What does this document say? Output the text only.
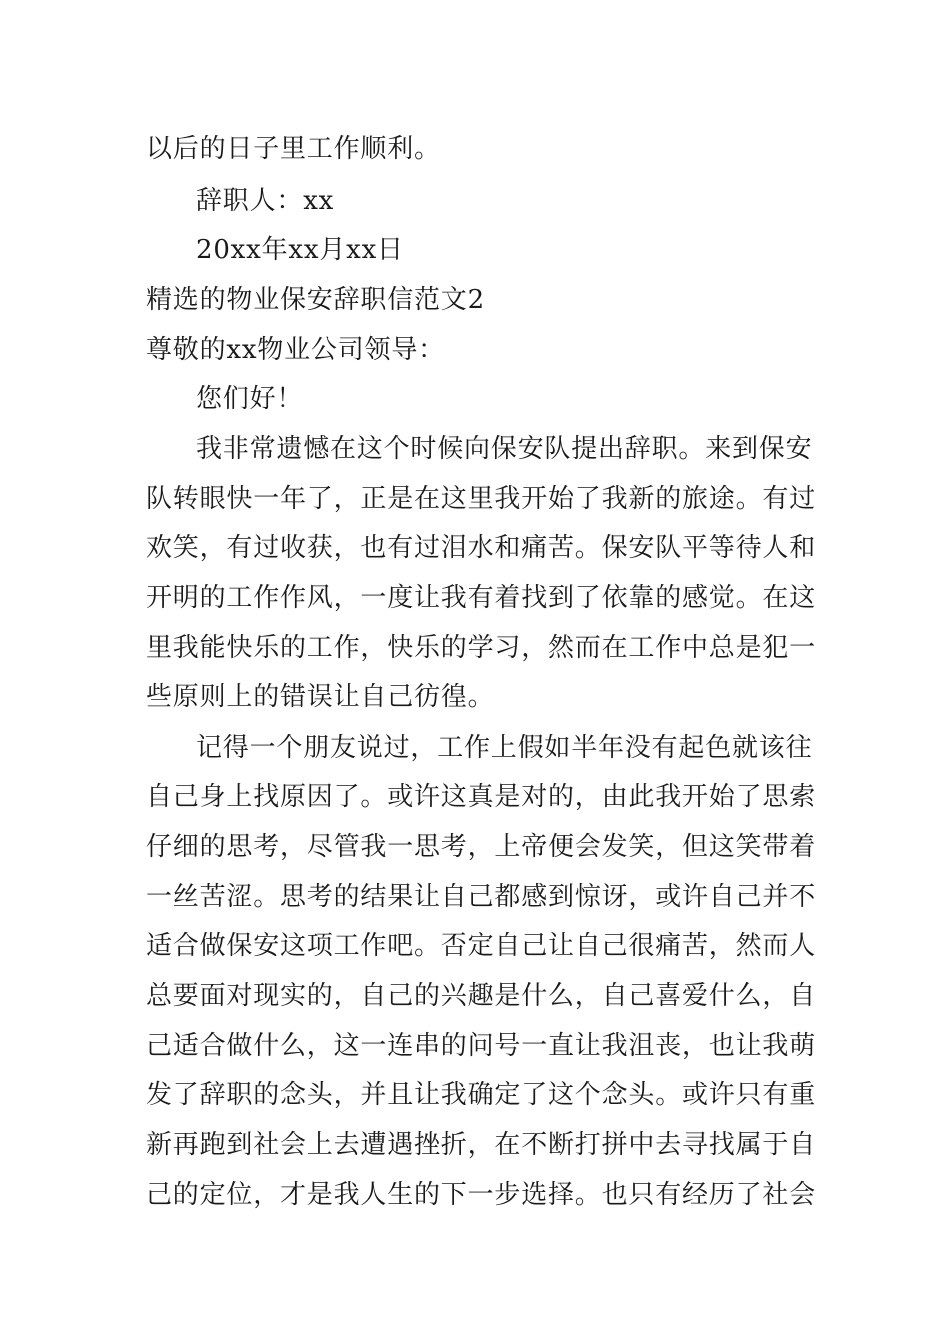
以后的日子里工作顺利。

辞职人：xx

20xx年xx月xx日

精选的物业保安辞职信范文2

尊敬的xx物业公司领导：

您们好！

我非常遗憾在这个时候向保安队提出辞职。来到保安

队转眼快一年了，正是在这里我开始了我新的旅途。有过

欢笑，有过收获，也有过泪水和痛苦。保安队平等待人和

开明的工作作风，一度让我有着找到了依靠的感觉。在这

里我能快乐的工作，快乐的学习，然而在工作中总是犯一

些原则上的错误让自己彷徨。

记得一个朋友说过，工作上假如半年没有起色就该往

自己身上找原因了。或许这真是对的，由此我开始了思索

仔细的思考，尽管我一思考，上帝便会发笑，但这笑带着

一丝苦涩。思考的结果让自己都感到惊讶，或许自己并不

适合做保安这项工作吧。否定自己让自己很痛苦，然而人

总要面对现实的，自己的兴趣是什么，自己喜爱什么，自

己适合做什么，这一连串的问号一直让我沮丧，也让我萌

发了辞职的念头，并且让我确定了这个念头。或许只有重

新再跑到社会上去遭遇挫折，在不断打拼中去寻找属于自

己的定位，才是我人生的下一步选择。也只有经历了社会
